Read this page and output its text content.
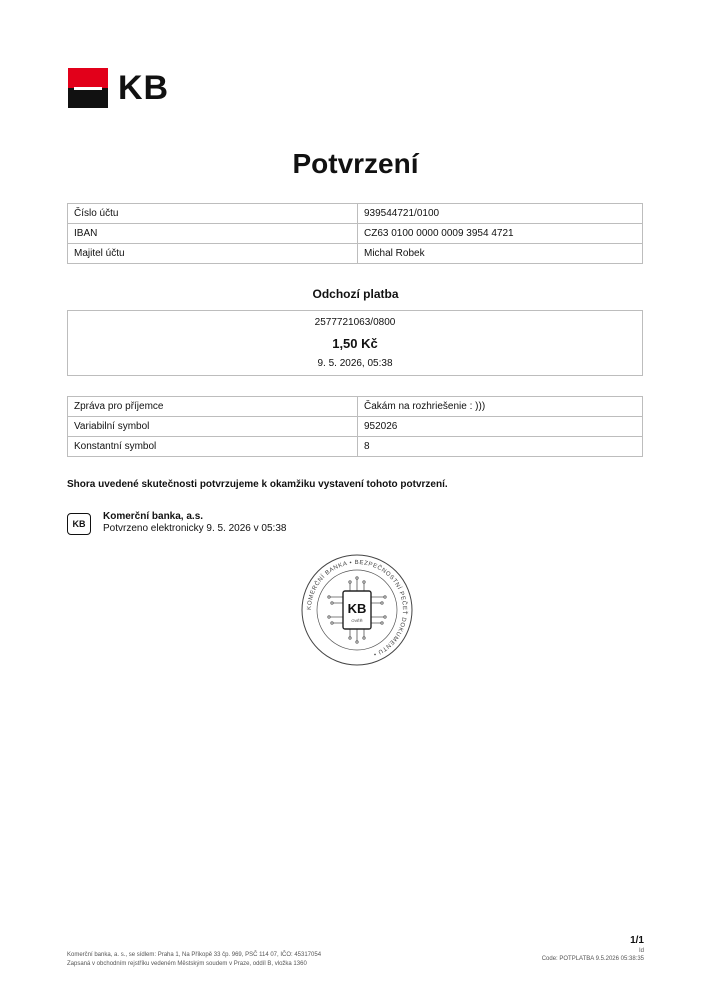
KB
Potvrzení
Číslo účtu	939544721/0100
IBAN	CZ63 0100 0000 0009 3954 4721
Majitel účtu	Michal Robek
Odchozí platba
2577721063/0800
1,50 Kč
9. 5. 2026, 05:38
Zpráva pro příjemce	Čakám na rozhriešenie : )))
Variabilní symbol	952026
Konstantní symbol	8
Shora uvedené skutečnosti potvrzujeme k okamžiku vystavení tohoto potvrzení.
KB
Komerční banka, a.s.
Potvrzeno elektronicky 9. 5. 2026 v 05:38
KOMERČNÍ BANKA • BEZPEČNOSTNÍ PEČEŤ DOKUMENTU •
KB
OVĚŘ
Komerční banka, a. s., se sídlem: Praha 1, Na Příkopě 33 čp. 969, PSČ 114 07, IČO: 45317054
Zapsaná v obchodním rejstříku vedeném Městským soudem v Praze, oddíl B, vložka 1360
1/1
Id
Code: POTPLATBA 9.5.2026 05:38:35
